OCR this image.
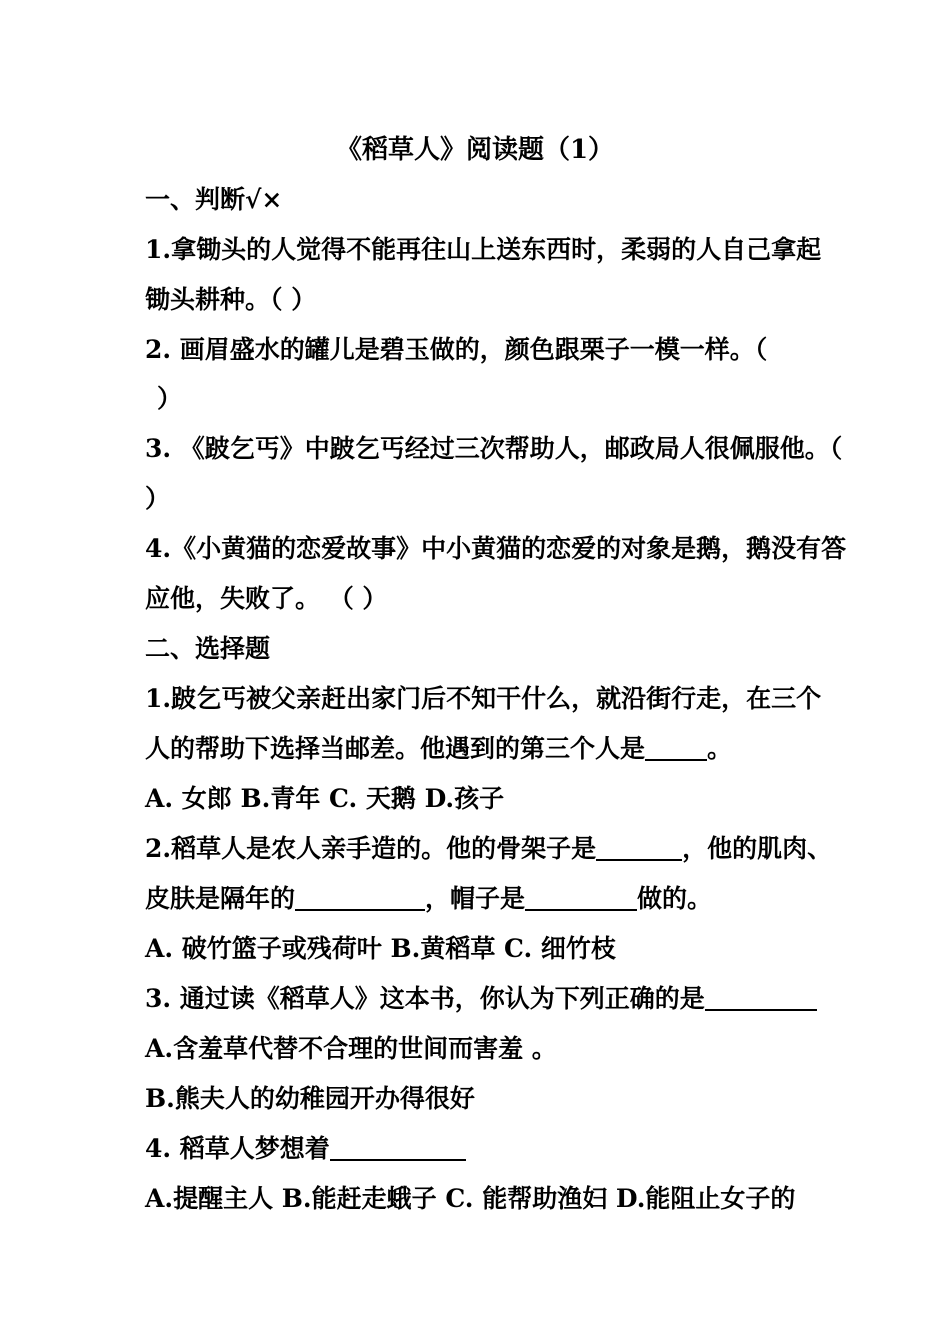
《稻草人》阅读题（1）
一、判断√×
1.拿锄头的人觉得不能再往山上送东西时，柔弱的人自己拿起
锄头耕种。（ ）
2. 画眉盛水的罐儿是碧玉做的，颜色跟栗子一模一样。（
）
3. 《跛乞丐》中跛乞丐经过三次帮助人，邮政局人很佩服他。（
）
4.《小黄猫的恋爱故事》中小黄猫的恋爱的对象是鹅，鹅没有答
应他，失败了。 （ ）
二、选择题
1.跛乞丐被父亲赶出家门后不知干什么，就沿街行走，在三个
人的帮助下选择当邮差。他遇到的第三个人是 。
A. 女郎 B.青年 C. 天鹅 D.孩子
2.稻草人是农人亲手造的。他的骨架子是	，他的肌肉、
皮肤是隔年的	，帽子是	做的。
A. 破竹篮子或残荷叶 B.黄稻草 C. 细竹枝
3. 通过读《稻草人》这本书，你认为下列正确的是
A.含羞草代替不合理的世间而害羞 。
B.熊夫人的幼稚园开办得很好
4. 稻草人梦想着
A.提醒主人 B.能赶走蛾子 C. 能帮助渔妇 D.能阻止女子的
